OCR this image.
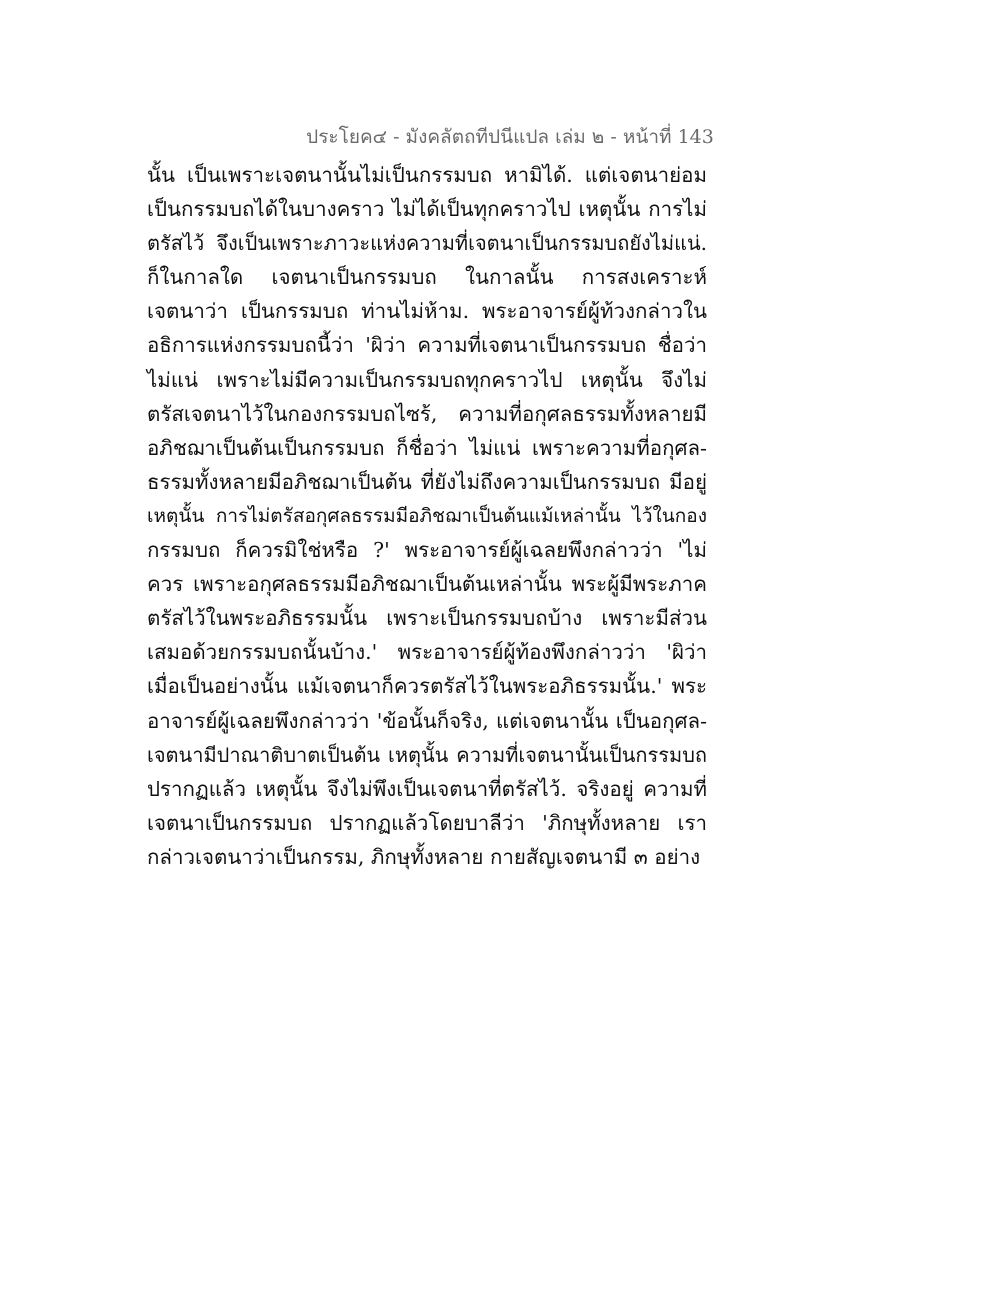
ประโยค๔ - มังคลัตถทีปนีแปล เล่ม ๒ - หน้าที่ 143
นั้น เป็นเพราะเจตนานั้นไม่เป็นกรรมบถ หามิได้. แต่เจตนาย่อม
เป็นกรรมบถได้ในบางคราว ไม่ได้เป็นทุกคราวไป เหตุนั้น การไม่
ตรัสไว้ จึงเป็นเพราะภาวะแห่งความที่เจตนาเป็นกรรมบถยังไม่แน่.
ก็ในกาลใด เจตนาเป็นกรรมบถ ในกาลนั้น การสงเคราะห์
เจตนาว่า เป็นกรรมบถ ท่านไม่ห้าม. พระอาจารย์ผู้ท้วงกล่าวใน
อธิการแห่งกรรมบถนี้ว่า 'ผิว่า ความที่เจตนาเป็นกรรมบถ ชื่อว่า
ไม่แน่ เพราะไม่มีความเป็นกรรมบถทุกคราวไป เหตุนั้น จึงไม่
ตรัสเจตนาไว้ในกองกรรมบถไซร้, ความที่อกุศลธรรมทั้งหลายมี
อภิชฌาเป็นต้นเป็นกรรมบถ ก็ชื่อว่า ไม่แน่ เพราะความที่อกุศล-
ธรรมทั้งหลายมีอภิชฌาเป็นต้น ที่ยังไม่ถึงความเป็นกรรมบถ มีอยู่
เหตุนั้น การไม่ตรัสอกุศลธรรมมีอภิชฌาเป็นต้นแม้เหล่านั้น ไว้ในกอง
กรรมบถ ก็ควรมิใช่หรือ ?' พระอาจารย์ผู้เฉลยพึงกล่าวว่า 'ไม่
ควร เพราะอกุศลธรรมมีอภิชฌาเป็นต้นเหล่านั้น พระผู้มีพระภาค
ตรัสไว้ในพระอภิธรรมนั้น เพราะเป็นกรรมบถบ้าง เพราะมีส่วน
เสมอด้วยกรรมบถนั้นบ้าง.' พระอาจารย์ผู้ท้องพึงกล่าวว่า 'ผิว่า
เมื่อเป็นอย่างนั้น แม้เจตนาก็ควรตรัสไว้ในพระอภิธรรมนั้น.' พระ
อาจารย์ผู้เฉลยพึงกล่าวว่า 'ข้อนั้นก็จริง, แต่เจตนานั้น เป็นอกุศล-
เจตนามีปาณาติบาตเป็นต้น เหตุนั้น ความที่เจตนานั้นเป็นกรรมบถ
ปรากฏแล้ว เหตุนั้น จึงไม่พึงเป็นเจตนาที่ตรัสไว้. จริงอยู่ ความที่
เจตนาเป็นกรรมบถ ปรากฏแล้วโดยบาลีว่า 'ภิกษุทั้งหลาย เรา
กล่าวเจตนาว่าเป็นกรรม, ภิกษุทั้งหลาย กายสัญเจตนามี ๓ อย่าง
